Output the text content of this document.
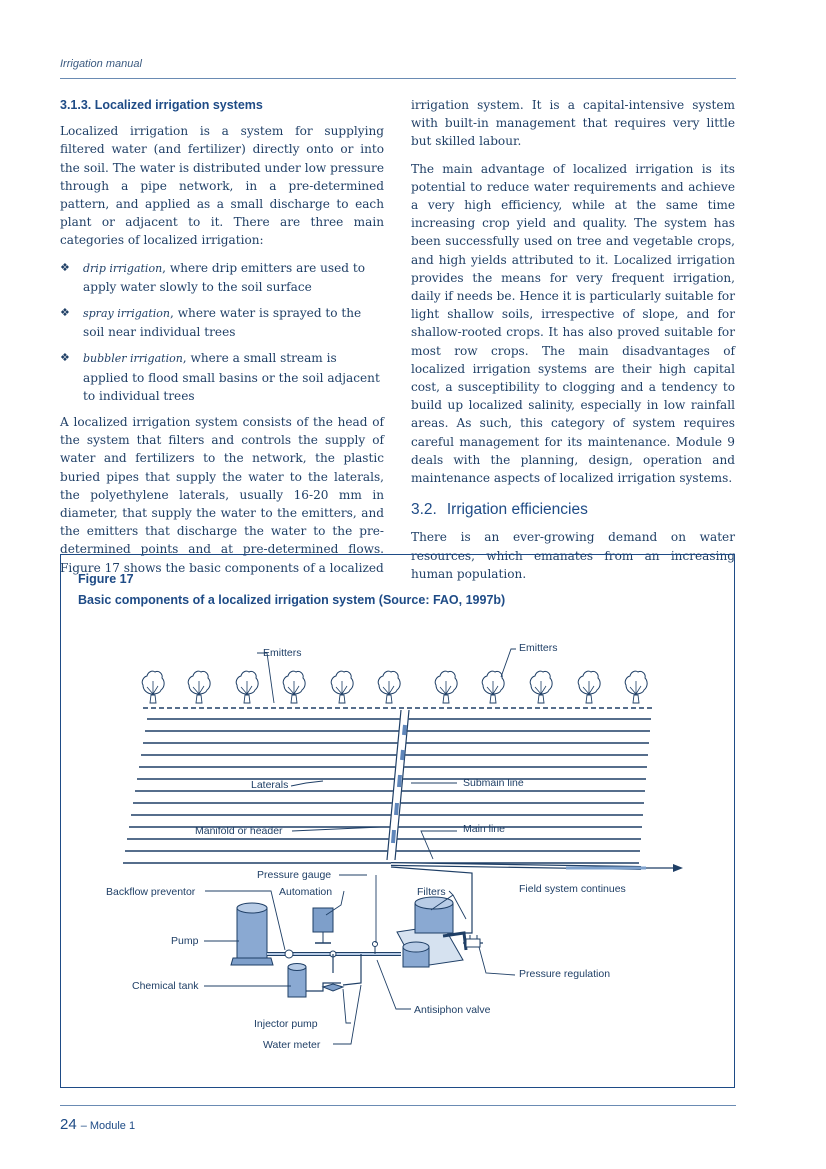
Irrigation manual
3.1.3. Localized irrigation systems

Localized irrigation is a system for supplying filtered water (and fertilizer) directly onto or into the soil. The water is distributed under low pressure through a pipe network, in a pre-determined pattern, and applied as a small discharge to each plant or adjacent to it. There are three main categories of localized irrigation:

❖ drip irrigation, where drip emitters are used to apply water slowly to the soil surface
❖ spray irrigation, where water is sprayed to the soil near individual trees
❖ bubbler irrigation, where a small stream is applied to flood small basins or the soil adjacent to individual trees

A localized irrigation system consists of the head of the system that filters and controls the supply of water and fertilizers to the network, the plastic buried pipes that supply the water to the laterals, the polyethylene laterals, usually 16-20 mm in diameter, that supply the water to the emitters, and the emitters that discharge the water to the pre-determined points and at pre-determined flows. Figure 17 shows the basic components of a localized

irrigation system. It is a capital-intensive system with built-in management that requires very little but skilled labour.

The main advantage of localized irrigation is its potential to reduce water requirements and achieve a very high efficiency, while at the same time increasing crop yield and quality. The system has been successfully used on tree and vegetable crops, and high yields attributed to it. Localized irrigation provides the means for very frequent irrigation, daily if needs be. Hence it is particularly suitable for light shallow soils, irrespective of slope, and for shallow-rooted crops. It has also proved suitable for most row crops. The main disadvantages of localized irrigation systems are their high capital cost, a susceptibility to clogging and a tendency to build up localized salinity, especially in low rainfall areas. As such, this category of system requires careful management for its maintenance. Module 9 deals with the planning, design, operation and maintenance aspects of localized irrigation systems.

3.2. Irrigation efficiencies

There is an ever-growing demand on water resources, which emanates from an increasing human population.

Figure 17
Basic components of a localized irrigation system (Source: FAO, 1997b)
Emitters	Emitters
Laterals	Submain line
Manifold or header	Main line
Pressure gauge
Automation
Backflow preventor	Filters	Field system continues
Pump
Pressure regulation
Chemical tank
Antisiphon valve
Injector pump
Water meter
24 – Module 1
